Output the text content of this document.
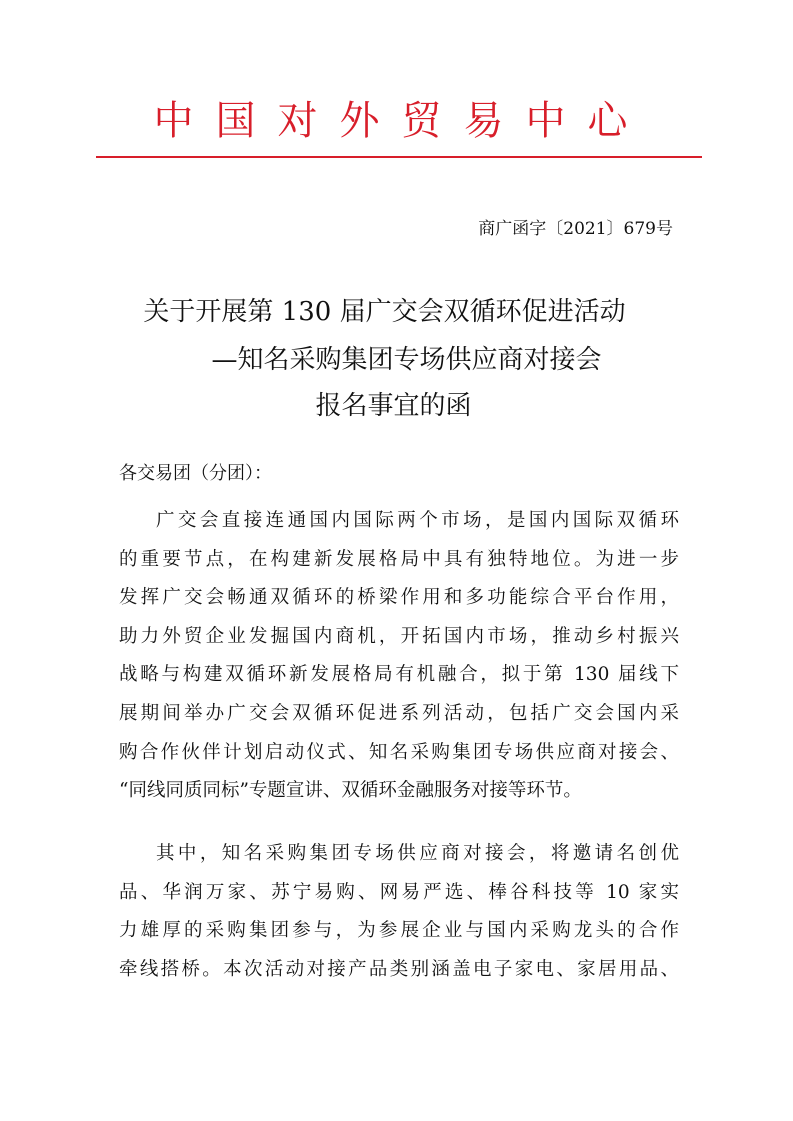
中国对外贸易中心
商广函字〔2021〕679号
关于开展第 130 届广交会双循环促进活动
—知名采购集团专场供应商对接会
报名事宜的函
各交易团（分团）：
广交会直接连通国内国际两个市场，是国内国际双循环
的重要节点，在构建新发展格局中具有独特地位。为进一步
发挥广交会畅通双循环的桥梁作用和多功能综合平台作用，
助力外贸企业发掘国内商机，开拓国内市场，推动乡村振兴
战略与构建双循环新发展格局有机融合，拟于第 130 届线下
展期间举办广交会双循环促进系列活动，包括广交会国内采
购合作伙伴计划启动仪式、知名采购集团专场供应商对接会、
“同线同质同标”专题宣讲、双循环金融服务对接等环节。
其中，知名采购集团专场供应商对接会，将邀请名创优
品、华润万家、苏宁易购、网易严选、棒谷科技等 10 家实
力雄厚的采购集团参与，为参展企业与国内采购龙头的合作
牵线搭桥。本次活动对接产品类别涵盖电子家电、家居用品、
